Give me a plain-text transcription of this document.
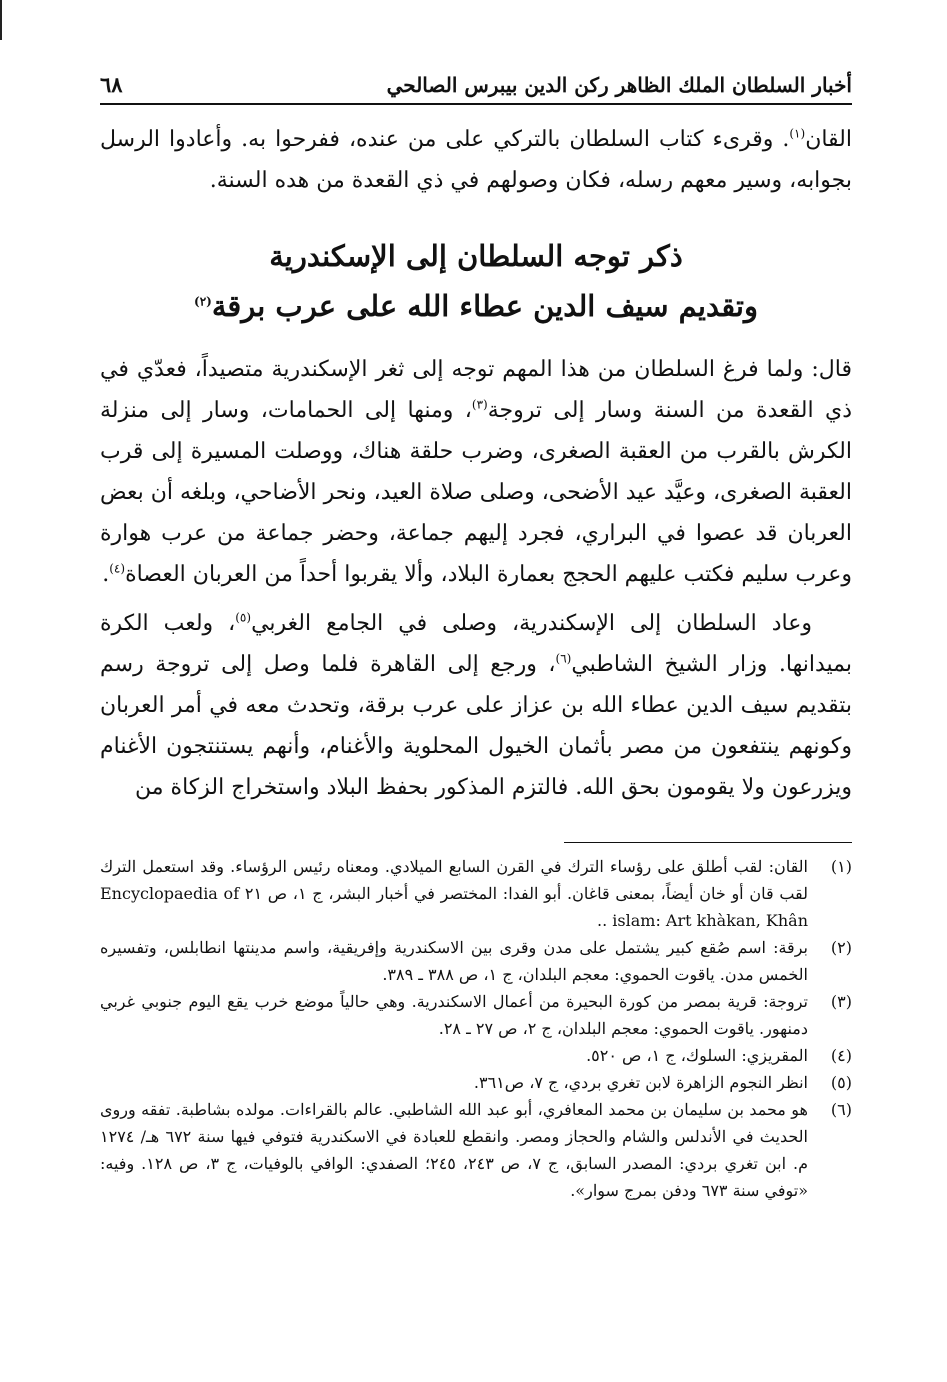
أخبار السلطان الملك الظاهر ركن الدين بيبرس الصالحي
٦٨

القان$^{(١)}$. وقرىء كتاب السلطان بالتركي على من عنده، ففرحوا به. وأعادوا الرسل بجوابه، وسير معهم رسله، فكان وصولهم في ذي القعدة من هده السنة.

ذكر توجه السلطان إلى الإسكندرية
وتقديم سيف الدين عطاء الله على عرب برقة$^{(٢)}$

قال: ولما فرغ السلطان من هذا المهم توجه إلى ثغر الإسكندرية متصيداً، فعدّي في ذي القعدة من السنة وسار إلى تروجة$^{(٣)}$، ومنها إلى الحمامات، وسار إلى منزلة الكرش بالقرب من العقبة الصغرى، وضرب حلقة هناك، ووصلت المسيرة إلى قرب العقبة الصغرى، وعيَّد عيد الأضحى، وصلى صلاة العيد، ونحر الأضاحي، وبلغه أن بعض العربان قد عصوا في البراري، فجرد إليهم جماعة، وحضر جماعة من عرب هوارة وعرب سليم فكتب عليهم الحجج بعمارة البلاد، وألا يقربوا أحداً من العربان العصاة$^{(٤)}$.

وعاد السلطان إلى الإسكندرية، وصلى في الجامع الغربي$^{(٥)}$، ولعب الكرة بميدانها. وزار الشيخ الشاطبي$^{(٦)}$، ورجع إلى القاهرة فلما وصل إلى تروجة رسم بتقديم سيف الدين عطاء الله بن عزاز على عرب برقة، وتحدث معه في أمر العربان وكونهم ينتفعون من مصر بأثمان الخيول المحلوية والأغنام، وأنهم يستنتجون الأغنام ويزرعون ولا يقومون بحق الله. فالتزم المذكور بحفظ البلاد واستخراج الزكاة من

(١)
القان: لقب أطلق على رؤساء الترك في القرن السابع الميلادي. ومعناه رئيس الرؤساء. وقد استعمل الترك لقب قان أو خان أيضاً، بمعنى قاغان. أبو الفدا: المختصر في أخبار البشر، ج ١، ص ٢١ Encyclopaedia of islam: Art khàkan, Khân ..
(٢)
برقة: اسم صُقع كبير يشتمل على مدن وقرى بين الاسكندرية وإفريقية، واسم مدينتها انطابلس، وتفسيره الخمس مدن. ياقوت الحموي: معجم البلدان، ج ١، ص ٣٨٨ ـ ٣٨٩.
(٣)
تروجة: قرية بمصر من كورة البحيرة من أعمال الاسكندرية. وهي حالياً موضع خرب يقع اليوم جنوبي غربي دمنهور. ياقوت الحموي: معجم البلدان، ج ٢، ص ٢٧ ـ ٢٨.
(٤)
المقريزي: السلوك، ج ١، ص ٥٢٠.
(٥)
انظر النجوم الزاهرة لابن تغري بردي، ج ٧، ص٣٦١.
(٦)
هو محمد بن سليمان بن محمد المعافري، أبو عبد الله الشاطبي. عالم بالقراءات. مولده بشاطبة. تفقه وروى الحديث في الأندلس والشام والحجاز ومصر. وانقطع للعبادة في الاسكندرية فتوفي فيها سنة ٦٧٢ هـ/ ١٢٧٤ م. ابن تغري بردي: المصدر السابق، ج ٧، ص ٢٤٣، ٢٤٥؛ الصفدي: الوافي بالوفيات، ج ٣، ص ١٢٨. وفيه: «توفي سنة ٦٧٣ ودفن بمرج سوار».
